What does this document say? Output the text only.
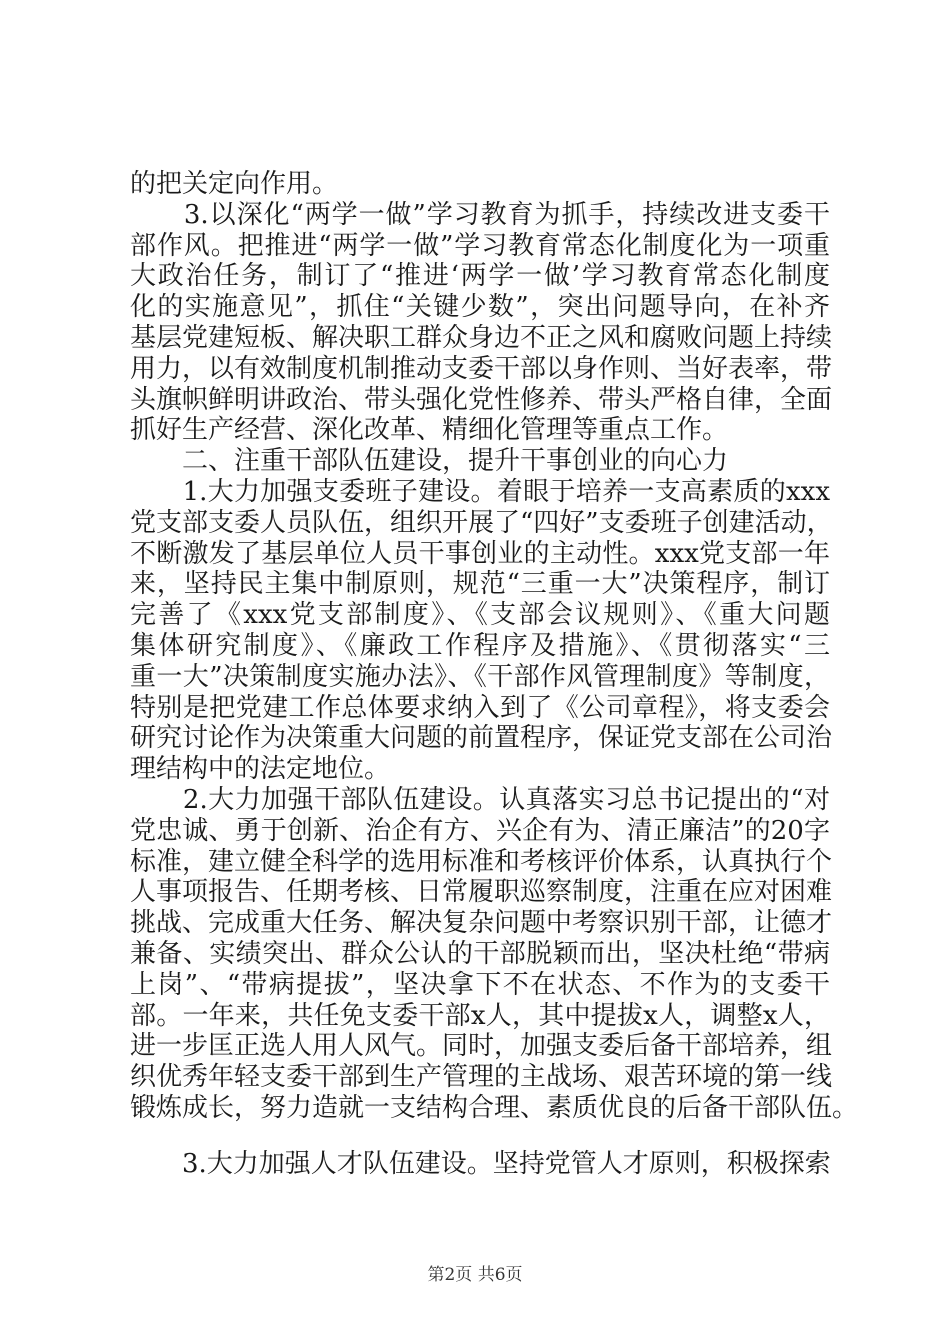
的把关定向作用。
　　3.以深化“两学一做”学习教育为抓手，持续改进支委干
部作风。把推进“两学一做”学习教育常态化制度化为一项重
大政治任务，制订了“推进‘两学一做’学习教育常态化制度
化的实施意见”，抓住“关键少数”，突出问题导向，在补齐
基层党建短板、解决职工群众身边不正之风和腐败问题上持续
用力，以有效制度机制推动支委干部以身作则、当好表率，带
头旗帜鲜明讲政治、带头强化党性修养、带头严格自律，全面
抓好生产经营、深化改革、精细化管理等重点工作。
　　二、注重干部队伍建设，提升干事创业的向心力
　　1.大力加强支委班子建设。着眼于培养一支高素质的xxx
党支部支委人员队伍，组织开展了“四好”支委班子创建活动，
不断激发了基层单位人员干事创业的主动性。xxx党支部一年
来，坚持民主集中制原则，规范“三重一大”决策程序，制订
完善了《xxx党支部制度》、《支部会议规则》、《重大问题
集体研究制度》、《廉政工作程序及措施》、《贯彻落实“三
重一大”决策制度实施办法》、《干部作风管理制度》等制度，
特别是把党建工作总体要求纳入到了《公司章程》，将支委会
研究讨论作为决策重大问题的前置程序，保证党支部在公司治
理结构中的法定地位。
　　2.大力加强干部队伍建设。认真落实习总书记提出的“对
党忠诚、勇于创新、治企有方、兴企有为、清正廉洁”的20字
标准，建立健全科学的选用标准和考核评价体系，认真执行个
人事项报告、任期考核、日常履职巡察制度，注重在应对困难
挑战、完成重大任务、解决复杂问题中考察识别干部，让德才
兼备、实绩突出、群众公认的干部脱颖而出，坚决杜绝“带病
上岗”、“带病提拔”，坚决拿下不在状态、不作为的支委干
部。一年来，共任免支委干部x人，其中提拔x人，调整x人，
进一步匡正选人用人风气。同时，加强支委后备干部培养，组
织优秀年轻支委干部到生产管理的主战场、艰苦环境的第一线
锻炼成长，努力造就一支结构合理、素质优良的后备干部队伍。
　　3.大力加强人才队伍建设。坚持党管人才原则，积极探索
第2页 共6页
